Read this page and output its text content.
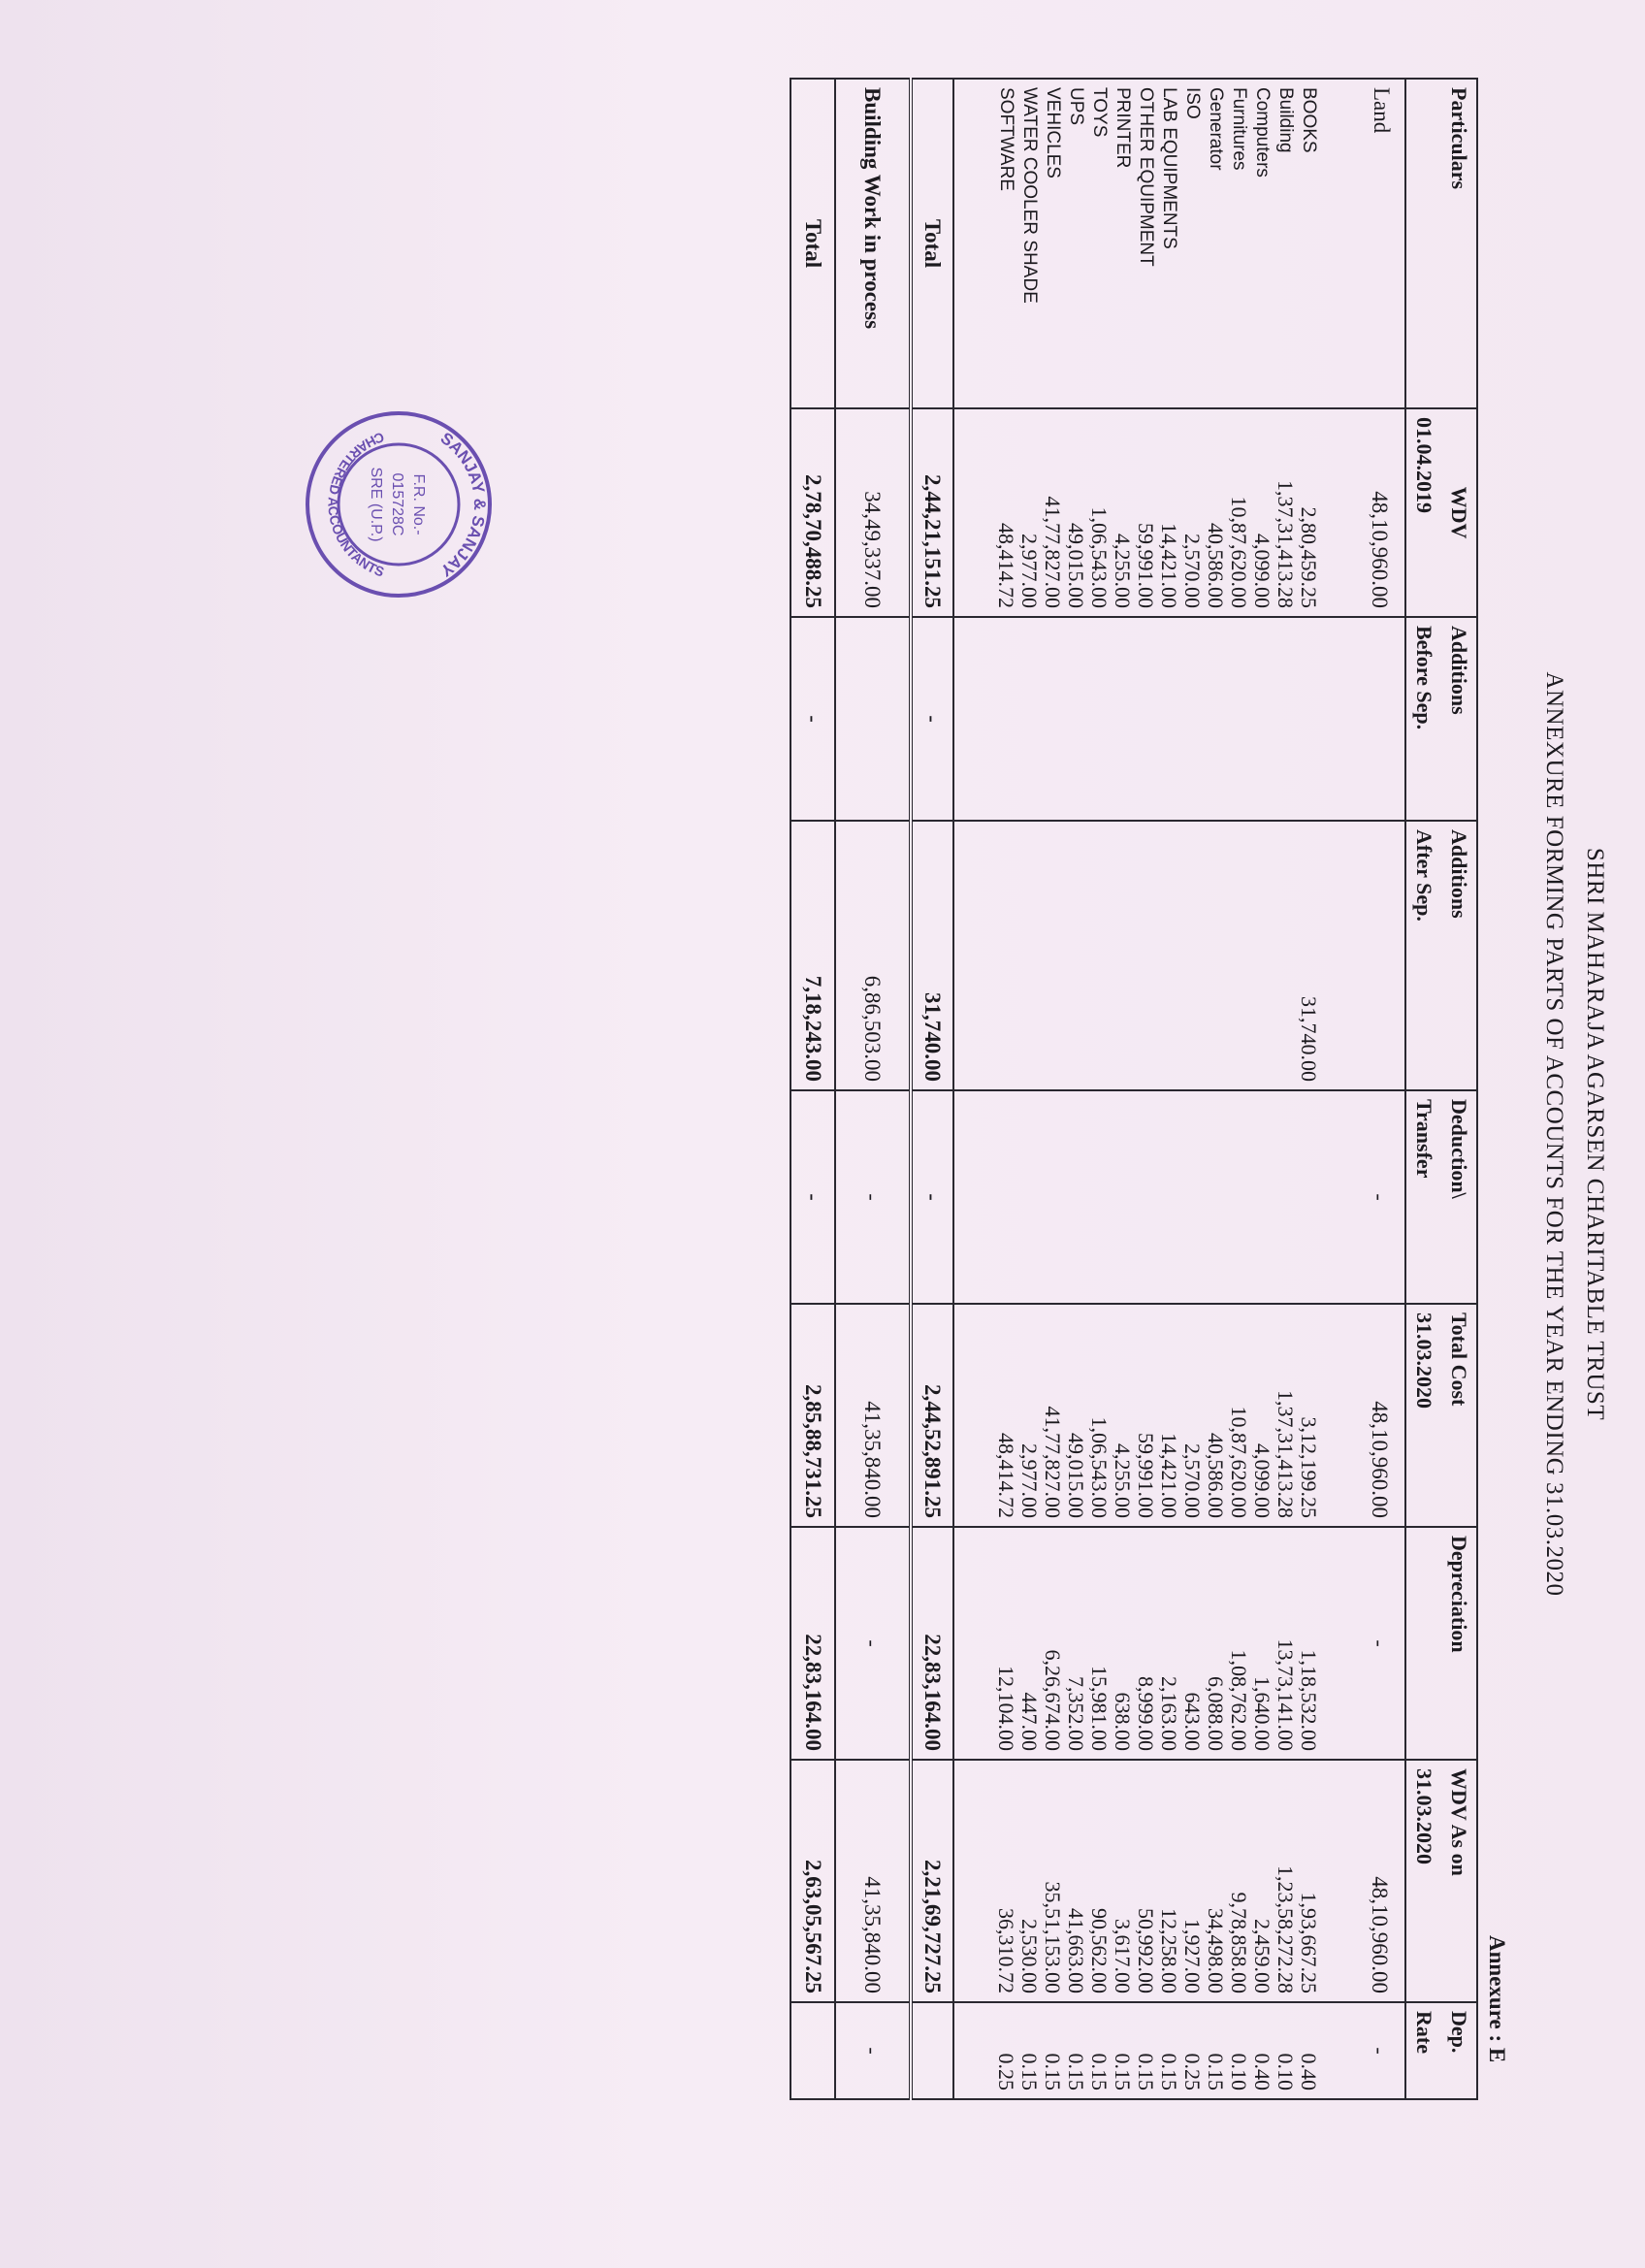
SHRI MAHARAJA AGARSEN CHARITABLE TRUST
ANNEXURE FORMING PARTS OF ACCOUNTS FOR THE YEAR ENDING 31.03.2020
Annexure : E
Particulars	WDV	Additions	Additions	Deduction\	Total Cost	Depreciation	WDV As on	Dep.
	01.04.2019	Before Sep.	After Sep.	Transfer	31.03.2020		31.03.2020	Rate
Land	48,10,960.00			-	48,10,960.00	-	48,10,960.00	-

BOOKS	2,80,459.25		31,740.00		3,12,199.25	1,18,532.00	1,93,667.25	0.40
Building	1,37,31,413.28				1,37,31,413.28	13,73,141.00	1,23,58,272.28	0.10
Computers	4,099.00				4,099.00	1,640.00	2,459.00	0.40
Furnitures	10,87,620.00				10,87,620.00	1,08,762.00	9,78,858.00	0.10
Generator	40,586.00				40,586.00	6,088.00	34,498.00	0.15
ISO	2,570.00				2,570.00	643.00	1,927.00	0.25
LAB EQUIPMENTS	14,421.00				14,421.00	2,163.00	12,258.00	0.15
OTHER EQUIPMENT	59,991.00				59,991.00	8,999.00	50,992.00	0.15
PRINTER	4,255.00				4,255.00	638.00	3,617.00	0.15
TOYS	1,06,543.00				1,06,543.00	15,981.00	90,562.00	0.15
UPS	49,015.00				49,015.00	7,352.00	41,663.00	0.15
VEHICLES	41,77,827.00				41,77,827.00	6,26,674.00	35,51,153.00	0.15
WATER COOLER SHADE	2,977.00				2,977.00	447.00	2,530.00	0.15
SOFTWARE	48,414.72				48,414.72	12,104.00	36,310.72	0.25

Total	2,44,21,151.25	-	31,740.00	-	2,44,52,891.25	22,83,164.00	2,21,69,727.25	
Building Work in process	34,49,337.00		6,86,503.00	-	41,35,840.00	-	41,35,840.00	-
Total	2,78,70,488.25	-	7,18,243.00	-	2,85,88,731.25	22,83,164.00	2,63,05,567.25	
SANJAY & SANJAY
CHARTERED ACCOUNTANTS
F.R. No.-
015728C
SRE (U.P.)
